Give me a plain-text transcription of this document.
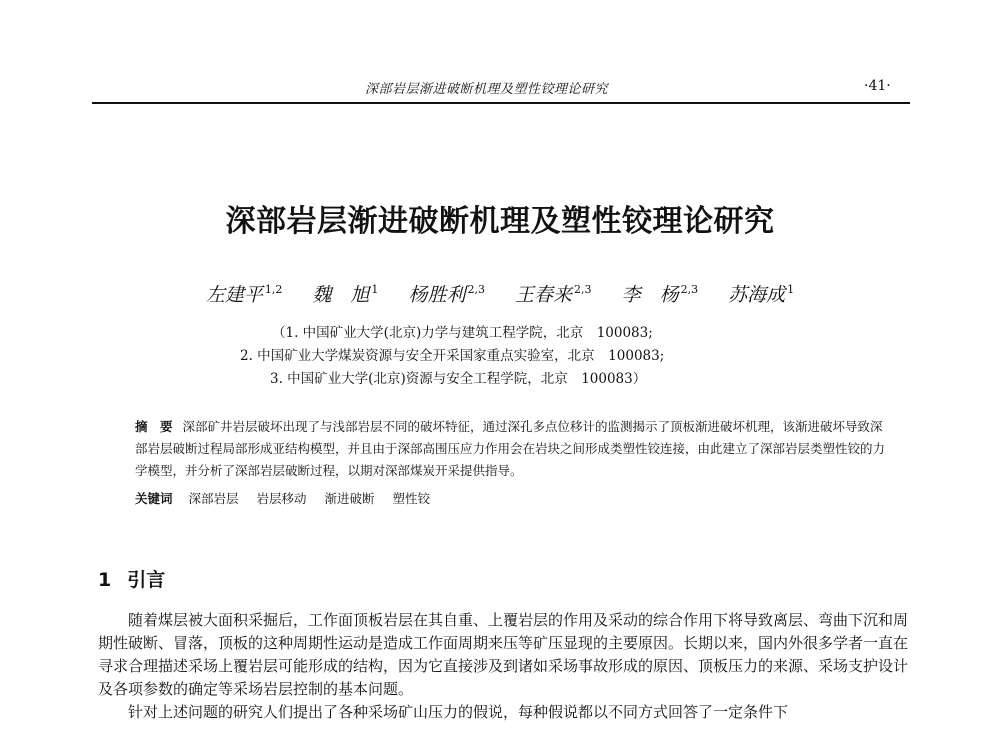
深部岩层渐进破断机理及塑性铰理论研究	·41·
深部岩层渐进破断机理及塑性铰理论研究
左建平 $^{1,2}$ 魏　旭 $^1$ 杨胜利 $^{2,3}$ 王春来 $^{2,3}$ 李　杨 $^{2,3}$ 苏海成 $^1$
（1. 中国矿业大学(北京)力学与建筑工程学院，北京　100083;
2. 中国矿业大学煤炭资源与安全开采国家重点实验室，北京　100083;
3. 中国矿业大学(北京)资源与安全工程学院，北京　100083）
摘　要 深部矿井岩层破坏出现了与浅部岩层不同的破坏特征，通过深孔多点位移计的监测揭示了顶板渐进破坏机理，该渐进破坏导致深部岩层破断过程局部形成亚结构模型，并且由于深部高围压应力作用会在岩块之间形成类塑性铰连接，由此建立了深部岩层类塑性铰的力学模型，并分析了深部岩层破断过程，以期对深部煤炭开采提供指导。
关键词 深部岩层 岩层移动 渐进破断 塑性铰
1 引言

随着煤层被大面积采掘后，工作面顶板岩层在其自重、上覆岩层的作用及采动的综合作用下将导致离层、弯曲下沉和周期性破断、冒落，顶板的这种周期性运动是造成工作面周期来压等矿压显现的主要原因。长期以来，国内外很多学者一直在寻求合理描述采场上覆岩层可能形成的结构，因为它直接涉及到诸如采场事故形成的原因、顶板压力的来源、采场支护设计及各项参数的确定等采场岩层控制的基本问题。

针对上述问题的研究人们提出了各种采场矿山压力的假说，每种假说都以不同方式回答了一定条件下
